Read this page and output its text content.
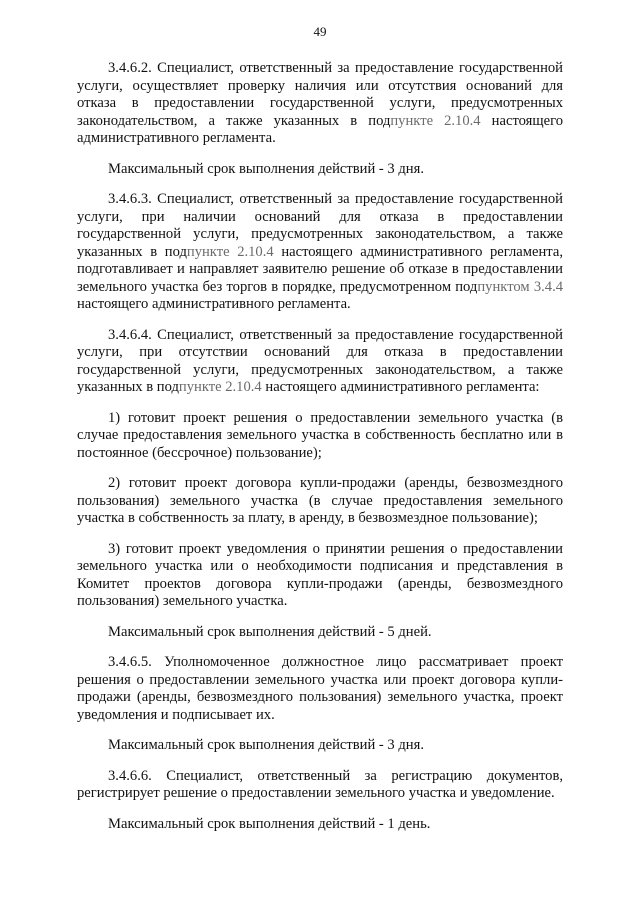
49

3.4.6.2. Специалист, ответственный за предоставление государственной услуги, осуществляет проверку наличия или отсутствия оснований для отказа в предоставлении государственной услуги, предусмотренных законодательством, а также указанных в подпункте 2.10.4 настоящего административного регламента.

Максимальный срок выполнения действий - 3 дня.

3.4.6.3. Специалист, ответственный за предоставление государственной услуги, при наличии оснований для отказа в предоставлении государственной услуги, предусмотренных законодательством, а также указанных в подпункте 2.10.4 настоящего административного регламента, подготавливает и направляет заявителю решение об отказе в предоставлении земельного участка без торгов в порядке, предусмотренном подпунктом 3.4.4 настоящего административного регламента.

3.4.6.4. Специалист, ответственный за предоставление государственной услуги, при отсутствии оснований для отказа в предоставлении государственной услуги, предусмотренных законодательством, а также указанных в подпункте 2.10.4 настоящего административного регламента:

1) готовит проект решения о предоставлении земельного участка (в случае предоставления земельного участка в собственность бесплатно или в постоянное (бессрочное) пользование);

2) готовит проект договора купли-продажи (аренды, безвозмездного пользования) земельного участка (в случае предоставления земельного участка в собственность за плату, в аренду, в безвозмездное пользование);

3) готовит проект уведомления о принятии решения о предоставлении земельного участка или о необходимости подписания и представления в Комитет проектов договора купли-продажи (аренды, безвозмездного пользования) земельного участка.

Максимальный срок выполнения действий - 5 дней.

3.4.6.5. Уполномоченное должностное лицо рассматривает проект решения о предоставлении земельного участка или проект договора купли-продажи (аренды, безвозмездного пользования) земельного участка, проект уведомления и подписывает их.

Максимальный срок выполнения действий - 3 дня.

3.4.6.6. Специалист, ответственный за регистрацию документов, регистрирует решение о предоставлении земельного участка и уведомление.

Максимальный срок выполнения действий - 1 день.
